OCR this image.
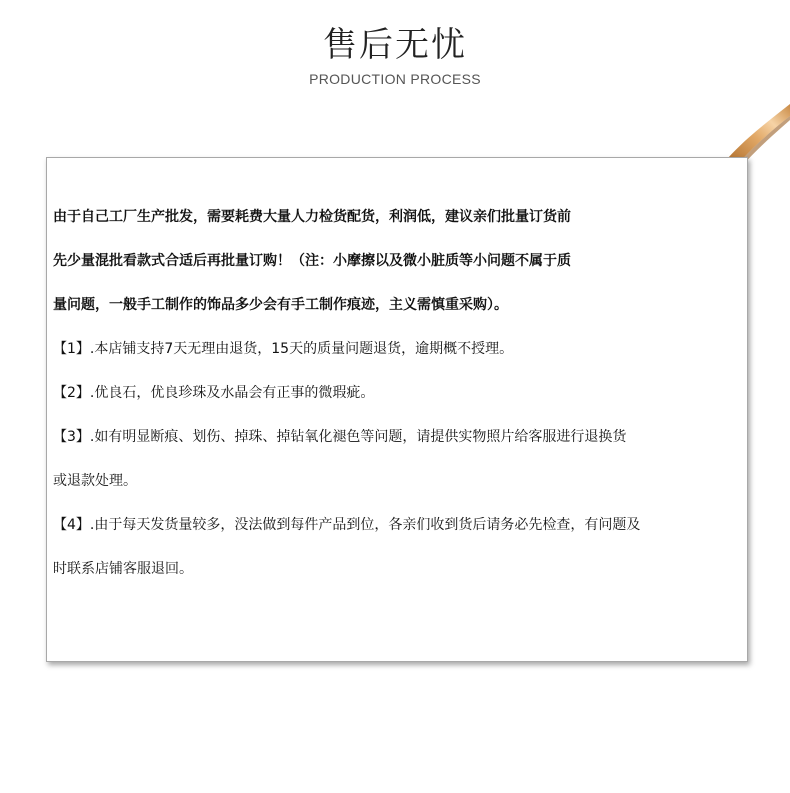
售后无忧
PRODUCTION PROCESS
由于自己工厂生产批发，需要耗费大量人力检货配货，利润低，建议亲们批量订货前
先少量混批看款式合适后再批量订购！（注：小摩擦以及微小脏质等小问题不属于质
量问题，一般手工制作的饰品多少会有手工制作痕迹，主义需慎重采购）。
【1】.本店铺支持7天无理由退货，15天的质量问题退货，逾期概不授理。
【2】.优良石，优良珍珠及水晶会有正事的微瑕疵。
【3】.如有明显断痕、划伤、掉珠、掉钻氧化褪色等问题，请提供实物照片给客服进行退换货
或退款处理。
【4】.由于每天发货量较多，没法做到每件产品到位，各亲们收到货后请务必先检查，有问题及
时联系店铺客服退回。
